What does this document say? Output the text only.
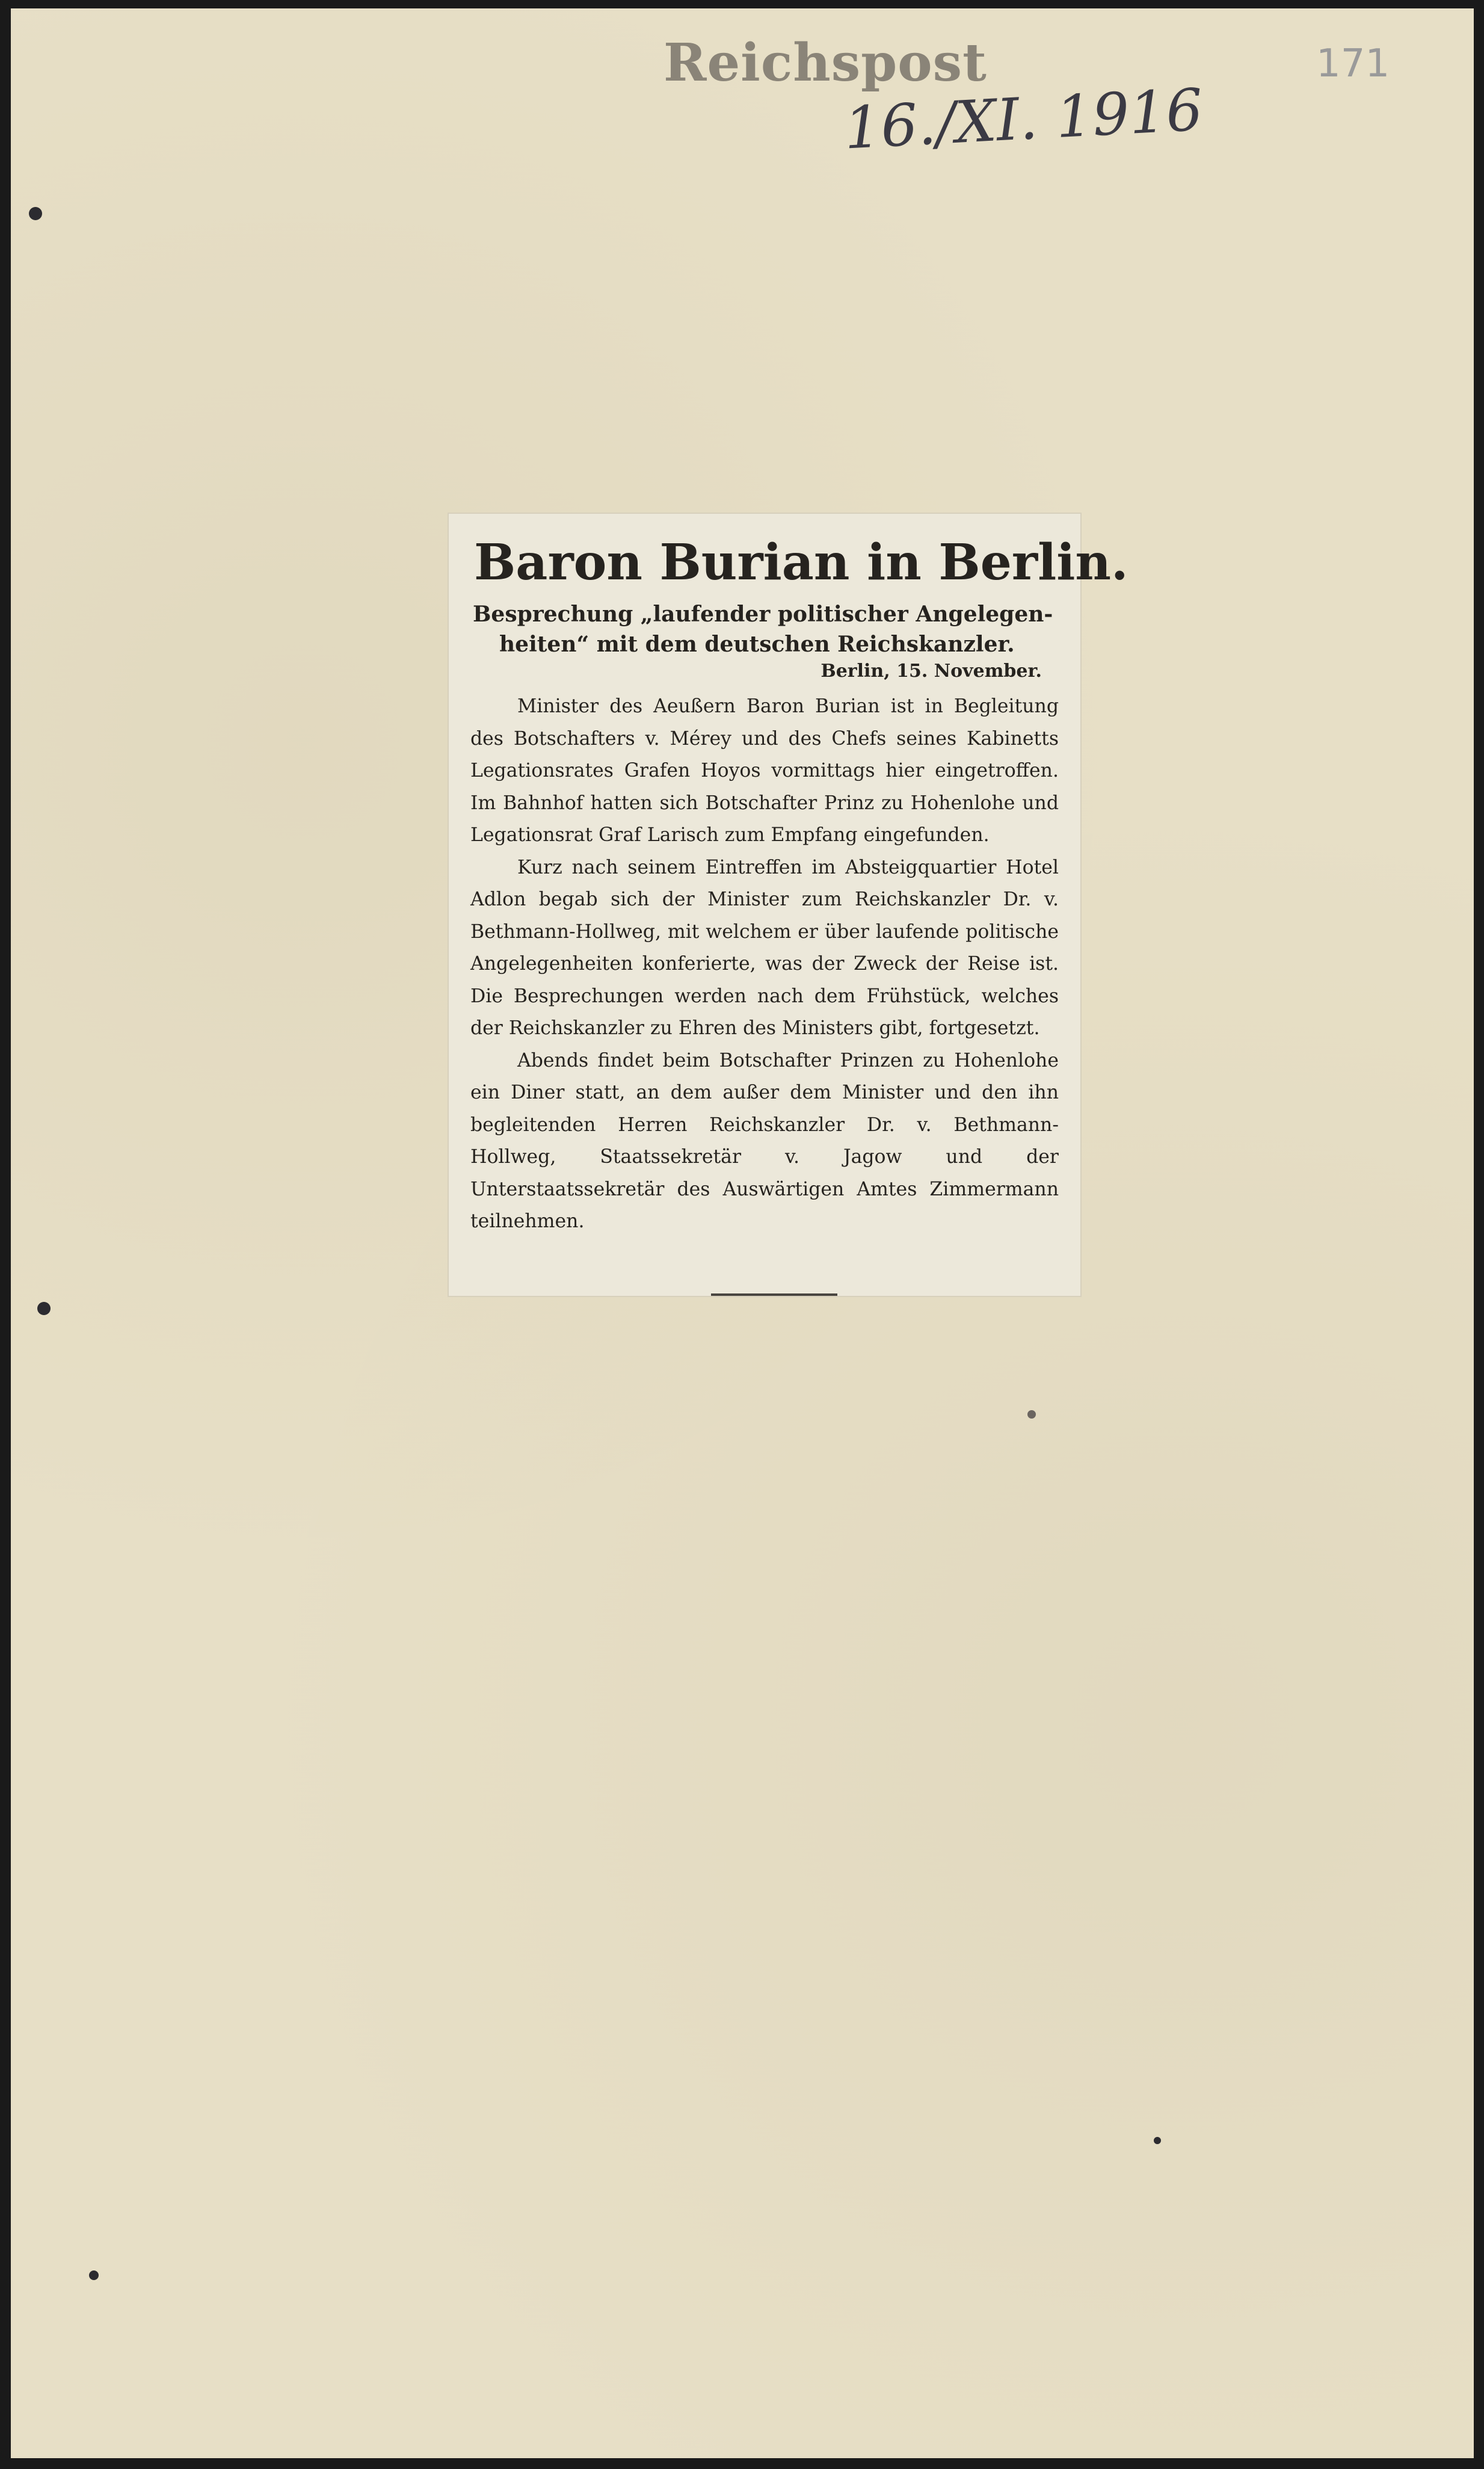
Reichspost
16./XI. 1916
171
Baron Burian in Berlin.
Besprechung „laufender politischer Angelegen-
heiten“ mit dem deutschen Reichskanzler.
Berlin, 15. November.

Minister des Aeußern Baron Burian ist in Begleitung des Botschafters v. Mérey und des Chefs seines Kabinetts Legationsrates Grafen Hoyos vormittags hier eingetroffen. Im Bahnhof hatten sich Botschafter Prinz zu Hohenlohe und Legationsrat Graf Larisch zum Empfang eingefunden.

Kurz nach seinem Eintreffen im Absteigquartier Hotel Adlon begab sich der Minister zum Reichskanzler Dr. v. Bethmann-Hollweg, mit welchem er über laufende politische Angelegenheiten konferierte, was der Zweck der Reise ist. Die Besprechungen werden nach dem Frühstück, welches der Reichskanzler zu Ehren des Ministers gibt, fortgesetzt.

Abends findet beim Botschafter Prinzen zu Hohenlohe ein Diner statt, an dem außer dem Minister und den ihn begleitenden Herren Reichskanzler Dr. v. Bethmann-Hollweg, Staatssekretär v. Jagow und der Unterstaatssekretär des Auswärtigen Amtes Zimmermann teilnehmen.
